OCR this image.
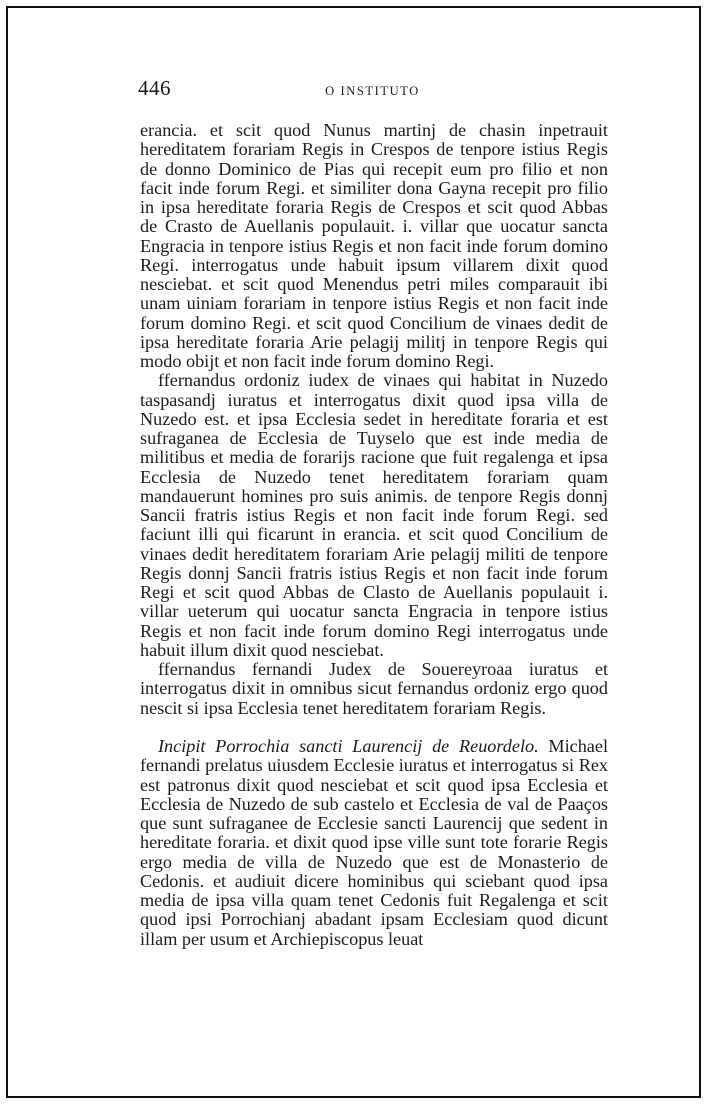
446	O INSTITUTO

erancia. et scit quod Nunus martinj de chasin inpetrauit hereditatem forariam Regis in Crespos de tenpore istius Regis de donno Dominico de Pias qui recepit eum pro filio et non facit inde forum Regi. et similiter dona Gayna recepit pro filio in ipsa hereditate foraria Regis de Crespos et scit quod Abbas de Crasto de Auellanis populauit. i. villar que uocatur sancta Engracia in tenpore istius Regis et non facit inde forum domino Regi. interrogatus unde habuit ipsum villarem dixit quod nesciebat. et scit quod Menendus petri miles comparauit ibi unam uiniam forariam in tenpore istius Regis et non facit inde forum domino Regi. et scit quod Concilium de vinaes dedit de ipsa hereditate foraria Arie pelagij militj in tenpore Regis qui modo obijt et non facit inde forum domino Regi.

ffernandus ordoniz iudex de vinaes qui habitat in Nuzedo taspasandj iuratus et interrogatus dixit quod ipsa villa de Nuzedo est. et ipsa Ecclesia sedet in hereditate foraria et est sufraganea de Ecclesia de Tuyselo que est inde media de militibus et media de forarijs racione que fuit regalenga et ipsa Ecclesia de Nuzedo tenet hereditatem forariam quam mandauerunt homines pro suis animis. de tenpore Regis donnj Sancii fratris istius Regis et non facit inde forum Regi. sed faciunt illi qui ficarunt in erancia. et scit quod Concilium de vinaes dedit hereditatem forariam Arie pelagij militi de tenpore Regis donnj Sancii fratris istius Regis et non facit inde forum Regi et scit quod Abbas de Clasto de Auellanis populauit i. villar ueterum qui uocatur sancta Engracia in tenpore istius Regis et non facit inde forum domino Regi interrogatus unde habuit illum dixit quod nesciebat.

ffernandus fernandi Judex de Souereyroaa iuratus et interrogatus dixit in omnibus sicut fernandus ordoniz ergo quod nescit si ipsa Ecclesia tenet hereditatem forariam Regis.

Incipit Porrochia sancti Laurencij de Reuordelo. Michael fernandi prelatus uiusdem Ecclesie iuratus et interrogatus si Rex est patronus dixit quod nesciebat et scit quod ipsa Ecclesia et Ecclesia de Nuzedo de sub castelo et Ecclesia de val de Paaços que sunt sufraganee de Ecclesie sancti Laurencij que sedent in hereditate foraria. et dixit quod ipse ville sunt tote forarie Regis ergo media de villa de Nuzedo que est de Monasterio de Cedonis. et audiuit dicere hominibus qui sciebant quod ipsa media de ipsa villa quam tenet Cedonis fuit Regalenga et scit quod ipsi Porrochianj abadant ipsam Ecclesiam quod dicunt illam per usum et Archiepiscopus leuat
